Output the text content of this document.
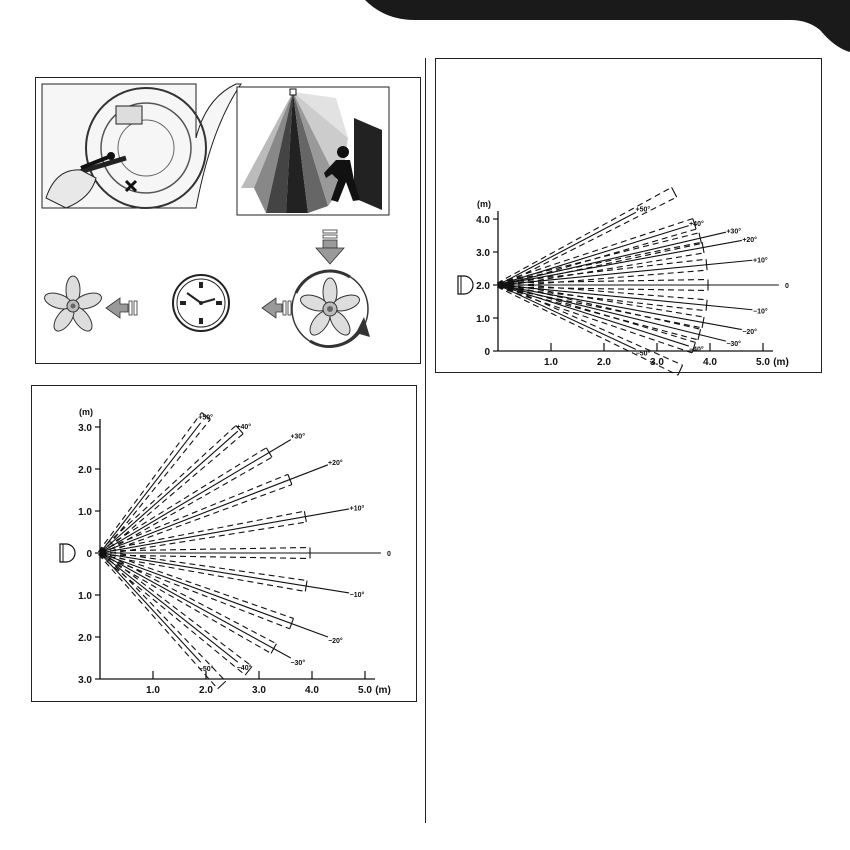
4.0
3.0
2.0
1.0
0
1.0	2.0	3.0	4.0	5.0
(m)
(m)
+50°
+40°
+30°
+20°
+10°
0
−10°
−20°
−30°
−40°
−50°
3.0
2.0
1.0
0
1.0
2.0
3.0
1.0	2.0	3.0	4.0	5.0
(m)
(m)
+50°
+40°
+30°
+20°
+10°
0
−10°
−20°
−30°
−40°
−50°
